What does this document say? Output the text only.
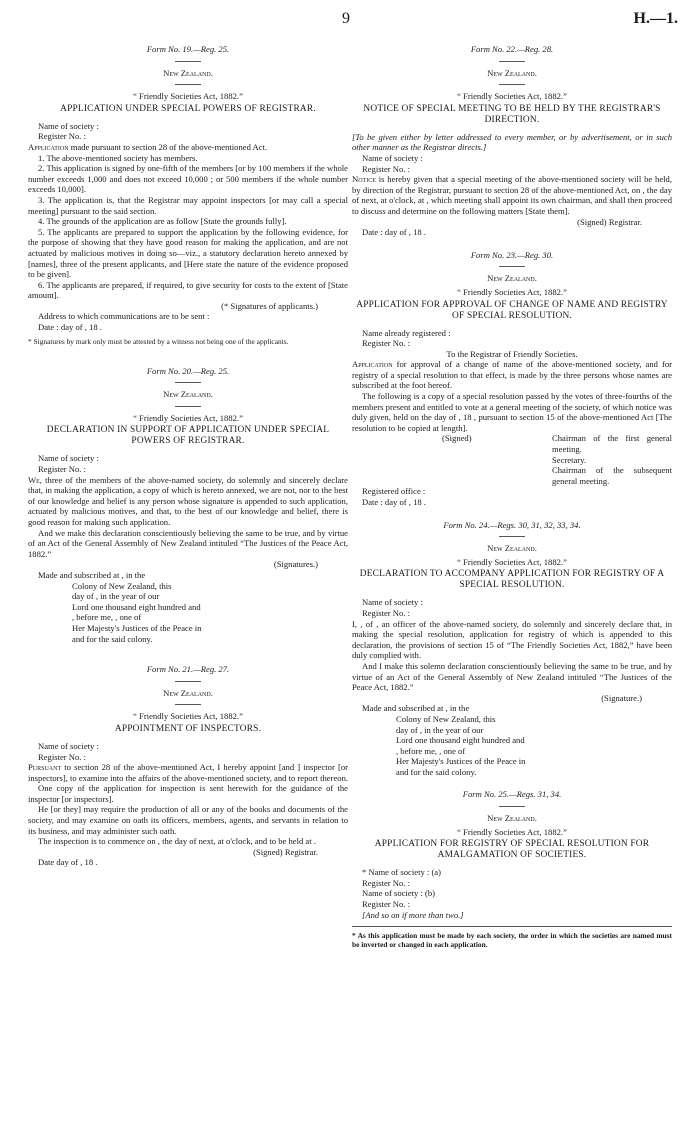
9	H.—1.

Form No. 19.—Reg. 25.

New Zealand.

“ Friendly Societies Act, 1882.”

APPLICATION UNDER SPECIAL POWERS OF REGISTRAR.

Name of society :

Register No. :

Application made pursuant to section 28 of the above-mentioned Act.

1. The above-mentioned society has members.

2. This application is signed by one-fifth of the members [or by 100 members if the whole number exceeds 1,000 and does not exceed 10,000 ; or 500 members if the whole number exceeds 10,000].

3. The application is, that the Registrar may appoint inspectors [or may call a special meeting] pursuant to the said section.

4. The grounds of the application are as follow [State the grounds fully].

5. The applicants are prepared to support the application by the following evidence, for the purpose of showing that they have good reason for making the application, and are not actuated by malicious motives in doing so—viz., a statutory declaration hereto annexed by [names], three of the present applicants, and [Here state the nature of the evidence proposed to be given].

6. The applicants are prepared, if required, to give security for costs to the extent of [State amount].

(* Signatures of applicants.)

Address to which communications are to be sent :

Date : day of , 18 .

* Signatures by mark only must be attested by a witness not being one of the applicants.

Form No. 20.—Reg. 25.

New Zealand.

“ Friendly Societies Act, 1882.”

DECLARATION IN SUPPORT OF APPLICATION UNDER SPECIAL POWERS OF REGISTRAR.

Name of society :

Register No. :

We, three of the members of the above-named society, do solemnly and sincerely declare that, in making the application, a copy of which is hereto annexed, we are not, nor to the best of our knowledge and belief is any person whose signature is appended to such application, actuated by malicious motives, and that, to the best of our knowledge and belief, there is good reason for making such application.

And we make this declaration conscientiously believing the same to be true, and by virtue of an Act of the General Assembly of New Zealand intituled “The Justices of the Peace Act, 1882.”

(Signatures.)

Made and subscribed at , in the

Colony of New Zealand, this

day of , in the year of our

Lord one thousand eight hundred and

, before me, , one of

Her Majesty's Justices of the Peace in

and for the said colony.

Form No. 21.—Reg. 27.

New Zealand.

“ Friendly Societies Act, 1882.”

APPOINTMENT OF INSPECTORS.

Name of society :

Register No. :

Pursuant to section 28 of the above-mentioned Act, I hereby appoint [and ] inspector [or inspectors], to examine into the affairs of the above-mentioned society, and to report thereon.

One copy of the application for inspection is sent herewith for the guidance of the inspector [or inspectors].

He [or they] may require the production of all or any of the books and documents of the society, and may examine on oath its officers, members, agents, and servants in relation to its business, and may administer such oath.

The inspection is to commence on , the day of next, at o'clock, and to be held at .

(Signed) Registrar.

Date day of , 18 .

Form No. 22.—Reg. 28.

New Zealand.

“ Friendly Societies Act, 1882.”

NOTICE OF SPECIAL MEETING TO BE HELD BY THE REGISTRAR'S DIRECTION.

[To be given either by letter addressed to every member, or by advertisement, or in such other manner as the Registrar directs.]

Name of society :

Register No. :

Notice is hereby given that a special meeting of the above-mentioned society will be held, by direction of the Registrar, pursuant to section 28 of the above-mentioned Act, on , the day of next, at o'clock, at , which meeting shall appoint its own chairman, and shall then proceed to discuss and determine on the following matters [State them].

(Signed) Registrar.

Date : day of , 18 .

Form No. 23.—Reg. 30.

New Zealand.

“ Friendly Societies Act, 1882.”

APPLICATION FOR APPROVAL OF CHANGE OF NAME AND REGISTRY OF SPECIAL RESOLUTION.

Name already registered :

Register No. :

To the Registrar of Friendly Societies.

Application for approval of a change of name of the above-mentioned society, and for registry of a special resolution to that effect, is made by the three persons whose names are subscribed at the foot hereof.

The following is a copy of a special resolution passed by the votes of three-fourths of the members present and entitled to vote at a general meeting of the society, of which notice was duly given, held on the day of , 18 , pursuant to section 15 of the above-mentioned Act [The resolution to be copied at length].

(Signed)	Chairman of the first general meeting.

Secretary.

Chairman of the subsequent general meeting.

Registered office :

Date : day of , 18 .

Form No. 24.—Regs. 30, 31, 32, 33, 34.

New Zealand.

“ Friendly Societies Act, 1882.”

DECLARATION TO ACCOMPANY APPLICATION FOR REGISTRY OF A SPECIAL RESOLUTION.

Name of society :

Register No. :

I, , of , an officer of the above-named society, do solemnly and sincerely declare that, in making the special resolution, application for registry of which is appended to this declaration, the provisions of section 15 of “The Friendly Societies Act, 1882,” have been duly complied with.

And I make this solemn declaration conscientiously believing the same to be true, and by virtue of an Act of the General Assembly of New Zealand intituled “The Justices of the Peace Act, 1882.”

(Signature.)

Made and subscribed at , in the

Colony of New Zealand, this

day of , in the year of our

Lord one thousand eight hundred and

, before me, , one of

Her Majesty's Justices of the Peace in

and for the said colony.

Form No. 25.—Regs. 31, 34.

New Zealand.

“ Friendly Societies Act, 1882.”

APPLICATION FOR REGISTRY OF SPECIAL RESOLUTION FOR AMALGAMATION OF SOCIETIES.

* Name of society : (a)

Register No. :

Name of society : (b)

Register No. :

[And so on if more than two.]

* As this application must be made by each society, the order in which the societies are named must be inverted or changed in each application.
